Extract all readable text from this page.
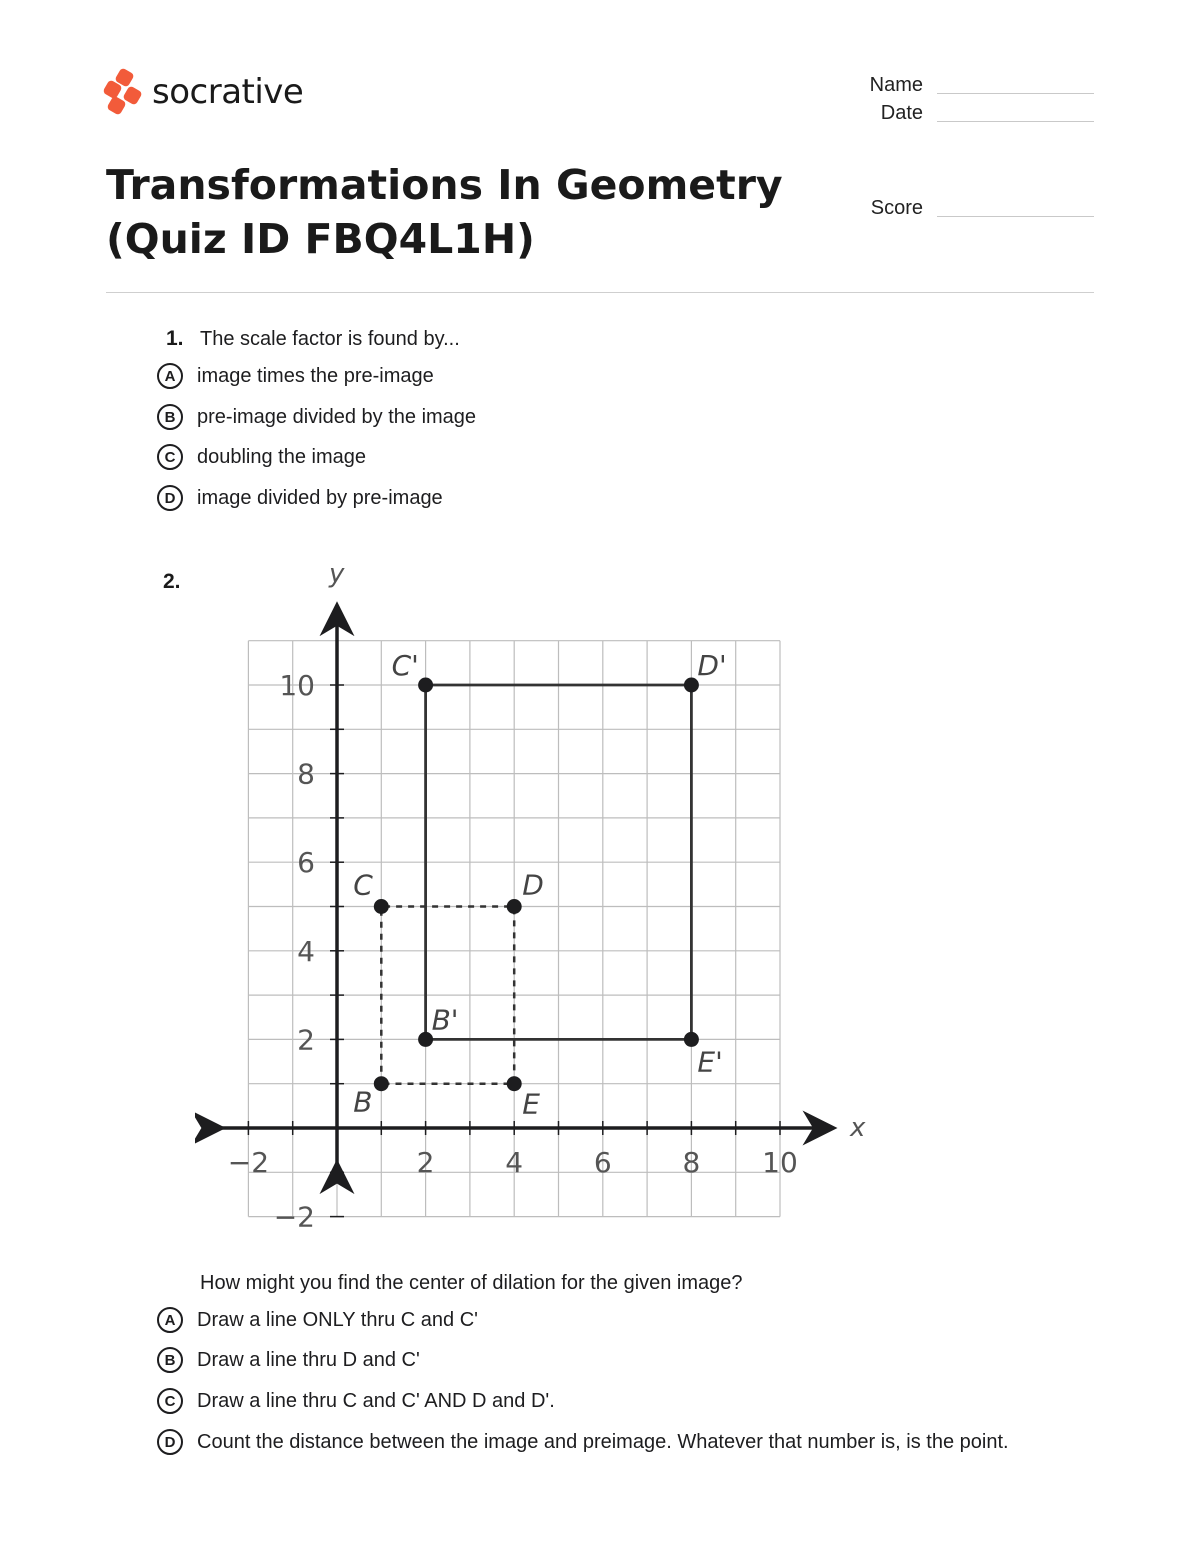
socrative	Name
Date
Score
Transformations In Geometry (Quiz ID FBQ4L1H)
1. The scale factor is found by...
A	image times the pre-image
B	pre-image divided by the image
C	doubling the image
D	image divided by pre-image
2.
x
y
−2	2	4	6	8 10
10
8
6
4
2
−2
B
C	D
E
B'
C'	D'
E'
How might you find the center of dilation for the given image?
A	Draw a line ONLY thru C and C'
B	Draw a line thru D and C'
C	Draw a line thru C and C' AND D and D'.
D	Count the distance between the image and preimage. Whatever that number is, is the point.
